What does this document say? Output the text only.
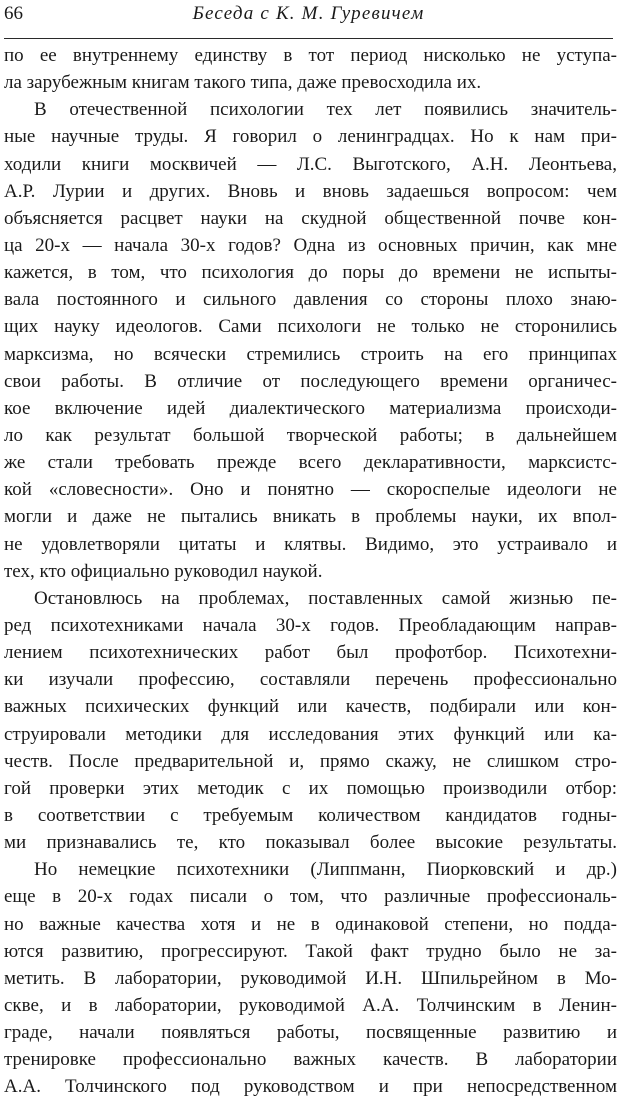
66	Беседа с К. М. Гуревичем
по ее внутреннему единству в тот период нисколько не уступа-
ла зарубежным книгам такого типа, даже превосходила их.
В отечественной психологии тех лет появились значитель-
ные научные труды. Я говорил о ленинградцах. Но к нам при-
ходили книги москвичей — Л.С. Выготского, А.Н. Леонтьева,
А.Р. Лурии и других. Вновь и вновь задаешься вопросом: чем
объясняется расцвет науки на скудной общественной почве кон-
ца 20-х — начала 30-х годов? Одна из основных причин, как мне
кажется, в том, что психология до поры до времени не испыты-
вала постоянного и сильного давления со стороны плохо знаю-
щих науку идеологов. Сами психологи не только не сторонились
марксизма, но всячески стремились строить на его принципах
свои работы. В отличие от последующего времени органичес-
кое включение идей диалектического материализма происходи-
ло как результат большой творческой работы; в дальнейшем
же стали требовать прежде всего декларативности, марксистс-
кой «словесности». Оно и понятно — скороспелые идеологи не
могли и даже не пытались вникать в проблемы науки, их впол-
не удовлетворяли цитаты и клятвы. Видимо, это устраивало и
тех, кто официально руководил наукой.
Остановлюсь на проблемах, поставленных самой жизнью пе-
ред психотехниками начала 30-х годов. Преобладающим направ-
лением психотехнических работ был профотбор. Психотехни-
ки изучали профессию, составляли перечень профессионально
важных психических функций или качеств, подбирали или кон-
струировали методики для исследования этих функций или ка-
честв. После предварительной и, прямо скажу, не слишком стро-
гой проверки этих методик с их помощью производили отбор:
в соответствии с требуемым количеством кандидатов годны-
ми признавались те, кто показывал более высокие результаты.
Но немецкие психотехники (Липпманн, Пиорковский и др.)
еще в 20-х годах писали о том, что различные профессиональ-
но важные качества хотя и не в одинаковой степени, но подда-
ются развитию, прогрессируют. Такой факт трудно было не за-
метить. В лаборатории, руководимой И.Н. Шпильрейном в Мо-
скве, и в лаборатории, руководимой А.А. Толчинским в Ленин-
граде, начали появляться работы, посвященные развитию и
тренировке профессионально важных качеств. В лаборатории
А.А. Толчинского под руководством и при непосредственном
